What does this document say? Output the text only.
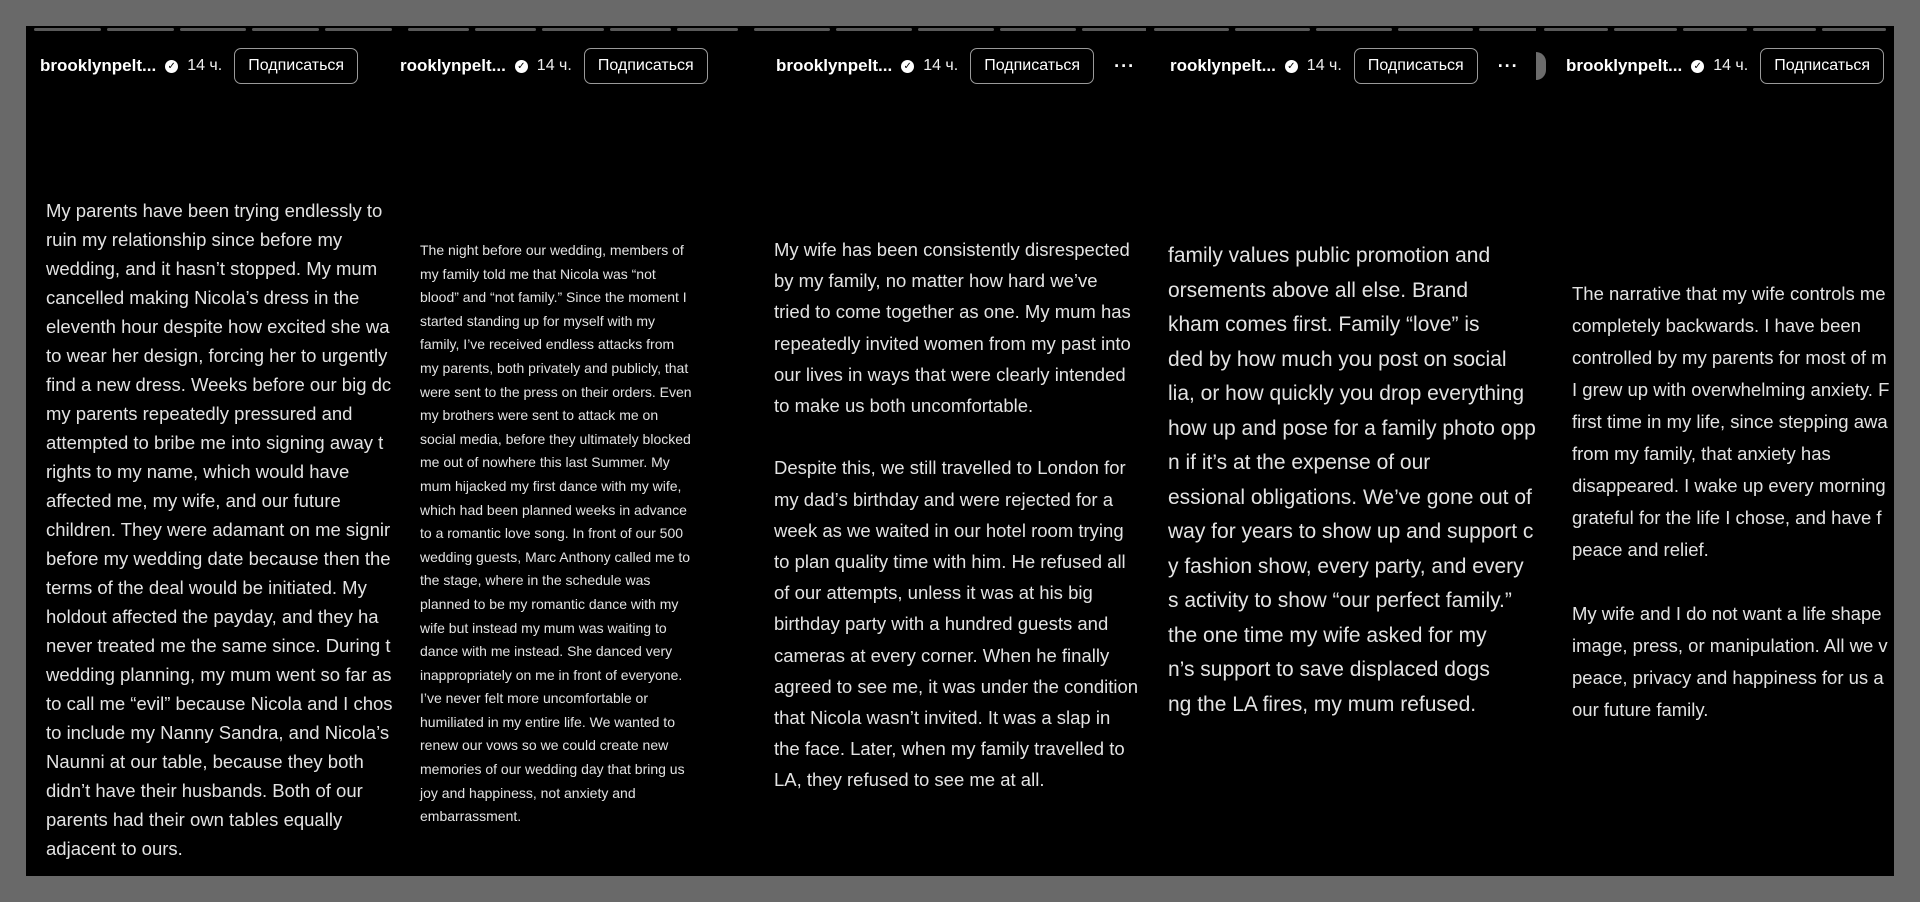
brooklynpelt... ✓ 14 ч.	Подписаться
My parents have been trying endlessly to
ruin my relationship since before my
wedding, and it hasn’t stopped. My mum
cancelled making Nicola’s dress in the
eleventh hour despite how excited she wa
to wear her design, forcing her to urgently
find a new dress. Weeks before our big dc
my parents repeatedly pressured and
attempted to bribe me into signing away t
rights to my name, which would have
affected me, my wife, and our future
children. They were adamant on me signir
before my wedding date because then the
terms of the deal would be initiated. My
holdout affected the payday, and they ha
never treated me the same since. During t
wedding planning, my mum went so far as
to call me “evil” because Nicola and I chos
to include my Nanny Sandra, and Nicola’s
Naunni at our table, because they both
didn’t have their husbands. Both of our
parents had their own tables equally
adjacent to ours.
rooklynpelt... ✓ 14 ч.	Подписаться
The night before our wedding, members of
my family told me that Nicola was “not
blood” and “not family.” Since the moment I
started standing up for myself with my
family, I’ve received endless attacks from
my parents, both privately and publicly, that
were sent to the press on their orders. Even
my brothers were sent to attack me on
social media, before they ultimately blocked
me out of nowhere this last Summer. My
mum hijacked my first dance with my wife,
which had been planned weeks in advance
to a romantic love song. In front of our 500
wedding guests, Marc Anthony called me to
the stage, where in the schedule was
planned to be my romantic dance with my
wife but instead my mum was waiting to
dance with me instead. She danced very
inappropriately on me in front of everyone.
I’ve never felt more uncomfortable or
humiliated in my entire life. We wanted to
renew our vows so we could create new
memories of our wedding day that bring us
joy and happiness, not anxiety and
embarrassment.
brooklynpelt... ✓ 14 ч.	Подписаться	···
My wife has been consistently disrespected
by my family, no matter how hard we’ve
tried to come together as one. My mum has
repeatedly invited women from my past into
our lives in ways that were clearly intended
to make us both uncomfortable.

Despite this, we still travelled to London for
my dad’s birthday and were rejected for a
week as we waited in our hotel room trying
to plan quality time with him. He refused all
of our attempts, unless it was at his big
birthday party with a hundred guests and
cameras at every corner. When he finally
agreed to see me, it was under the condition
that Nicola wasn’t invited. It was a slap in
the face. Later, when my family travelled to
LA, they refused to see me at all.
rooklynpelt... ✓ 14 ч.	Подписаться	···
family values public promotion and
orsements above all else. Brand
kham comes first. Family “love” is
ded by how much you post on social
lia, or how quickly you drop everything
how up and pose for a family photo opp
n if it’s at the expense of our
essional obligations. We’ve gone out of
way for years to show up and support c
y fashion show, every party, and every
s activity to show “our perfect family.”
the one time my wife asked for my
n’s support to save displaced dogs
ng the LA fires, my mum refused.
brooklynpelt... ✓ 14 ч.	Подписаться
The narrative that my wife controls me
completely backwards. I have been
controlled by my parents for most of m
I grew up with overwhelming anxiety. F
first time in my life, since stepping awa
from my family, that anxiety has
disappeared. I wake up every morning
grateful for the life I chose, and have f
peace and relief.

My wife and I do not want a life shape
image, press, or manipulation. All we v
peace, privacy and happiness for us a
our future family.
